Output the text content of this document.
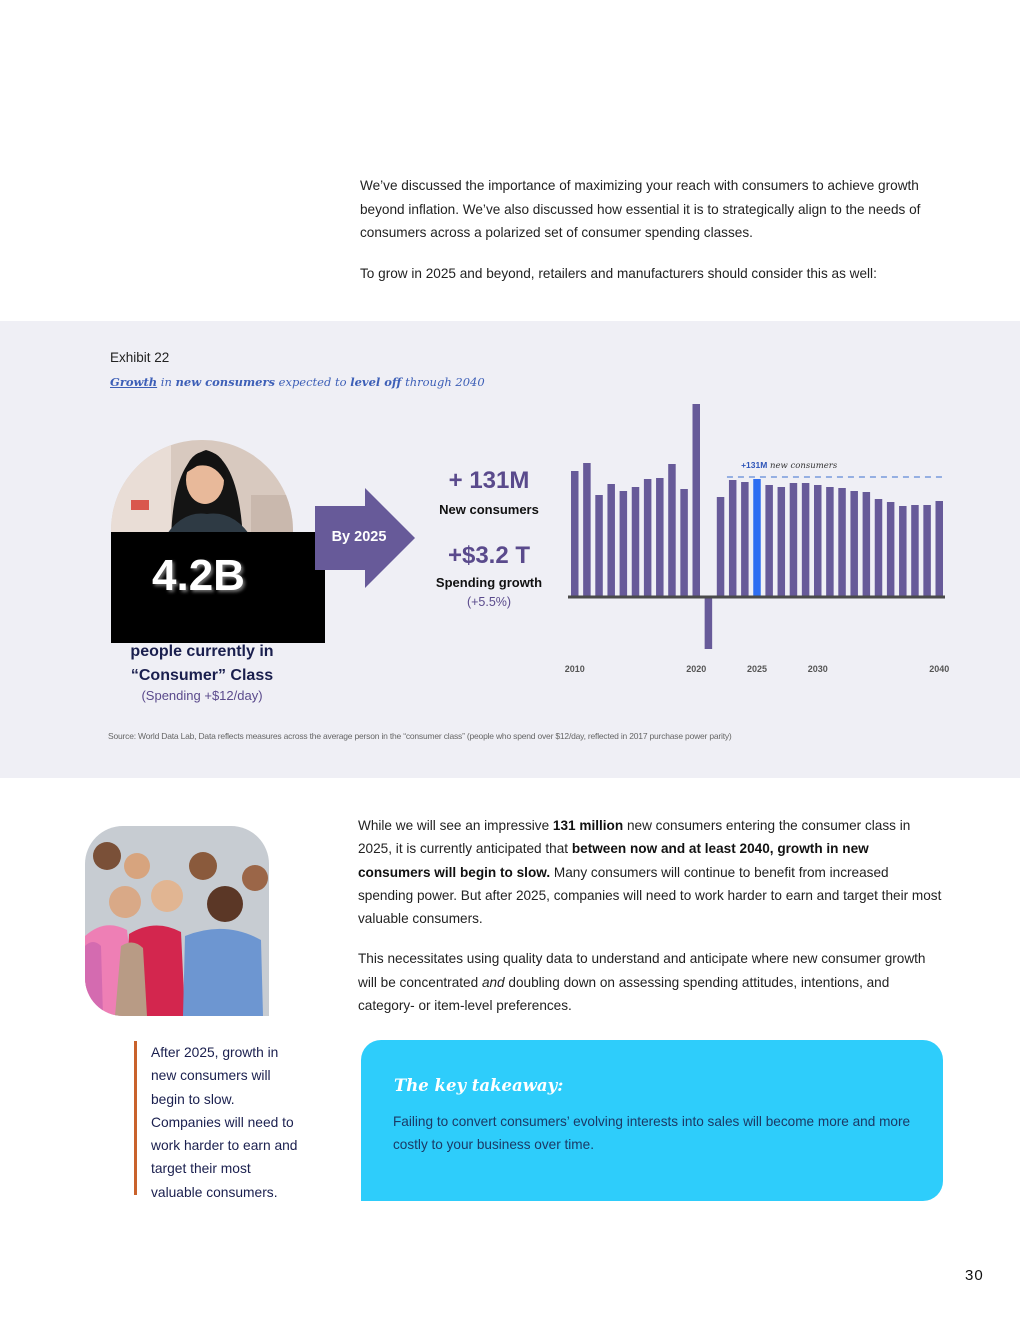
We’ve discussed the importance of maximizing your reach with consumers to achieve growth beyond inflation. We’ve also discussed how essential it is to strategically align to the needs of consumers across a polarized set of consumer spending classes.

To grow in 2025 and beyond, retailers and manufacturers should consider this as well:

Exhibit 22
Growth in new consumers expected to level off through 2040
4.2B
people currently in “Consumer” Class
(Spending +$12/day)
By 2025
+ 131M
New consumers
+$3.2 T
Spending growth
(+5.5%)
+131M new consumers
2010	2020	2025	2030	2040
Source: World Data Lab, Data reflects measures across the average person in the “consumer class” (people who spend over $12/day, reflected in 2017 purchase power parity)
After 2025, growth in new consumers will begin to slow. Companies will need to work harder to earn and target their most valuable consumers.

While we will see an impressive 131 million new consumers entering the consumer class in 2025, it is currently anticipated that between now and at least 2040, growth in new consumers will begin to slow. Many consumers will continue to benefit from increased spending power. But after 2025, companies will need to work harder to earn and target their most valuable consumers.

This necessitates using quality data to understand and anticipate where new consumer growth will be concentrated and doubling down on assessing spending attitudes, intentions, and category- or item-level preferences.

The key takeaway:
Failing to convert consumers’ evolving interests into sales will become more and more costly to your business over time.
30
